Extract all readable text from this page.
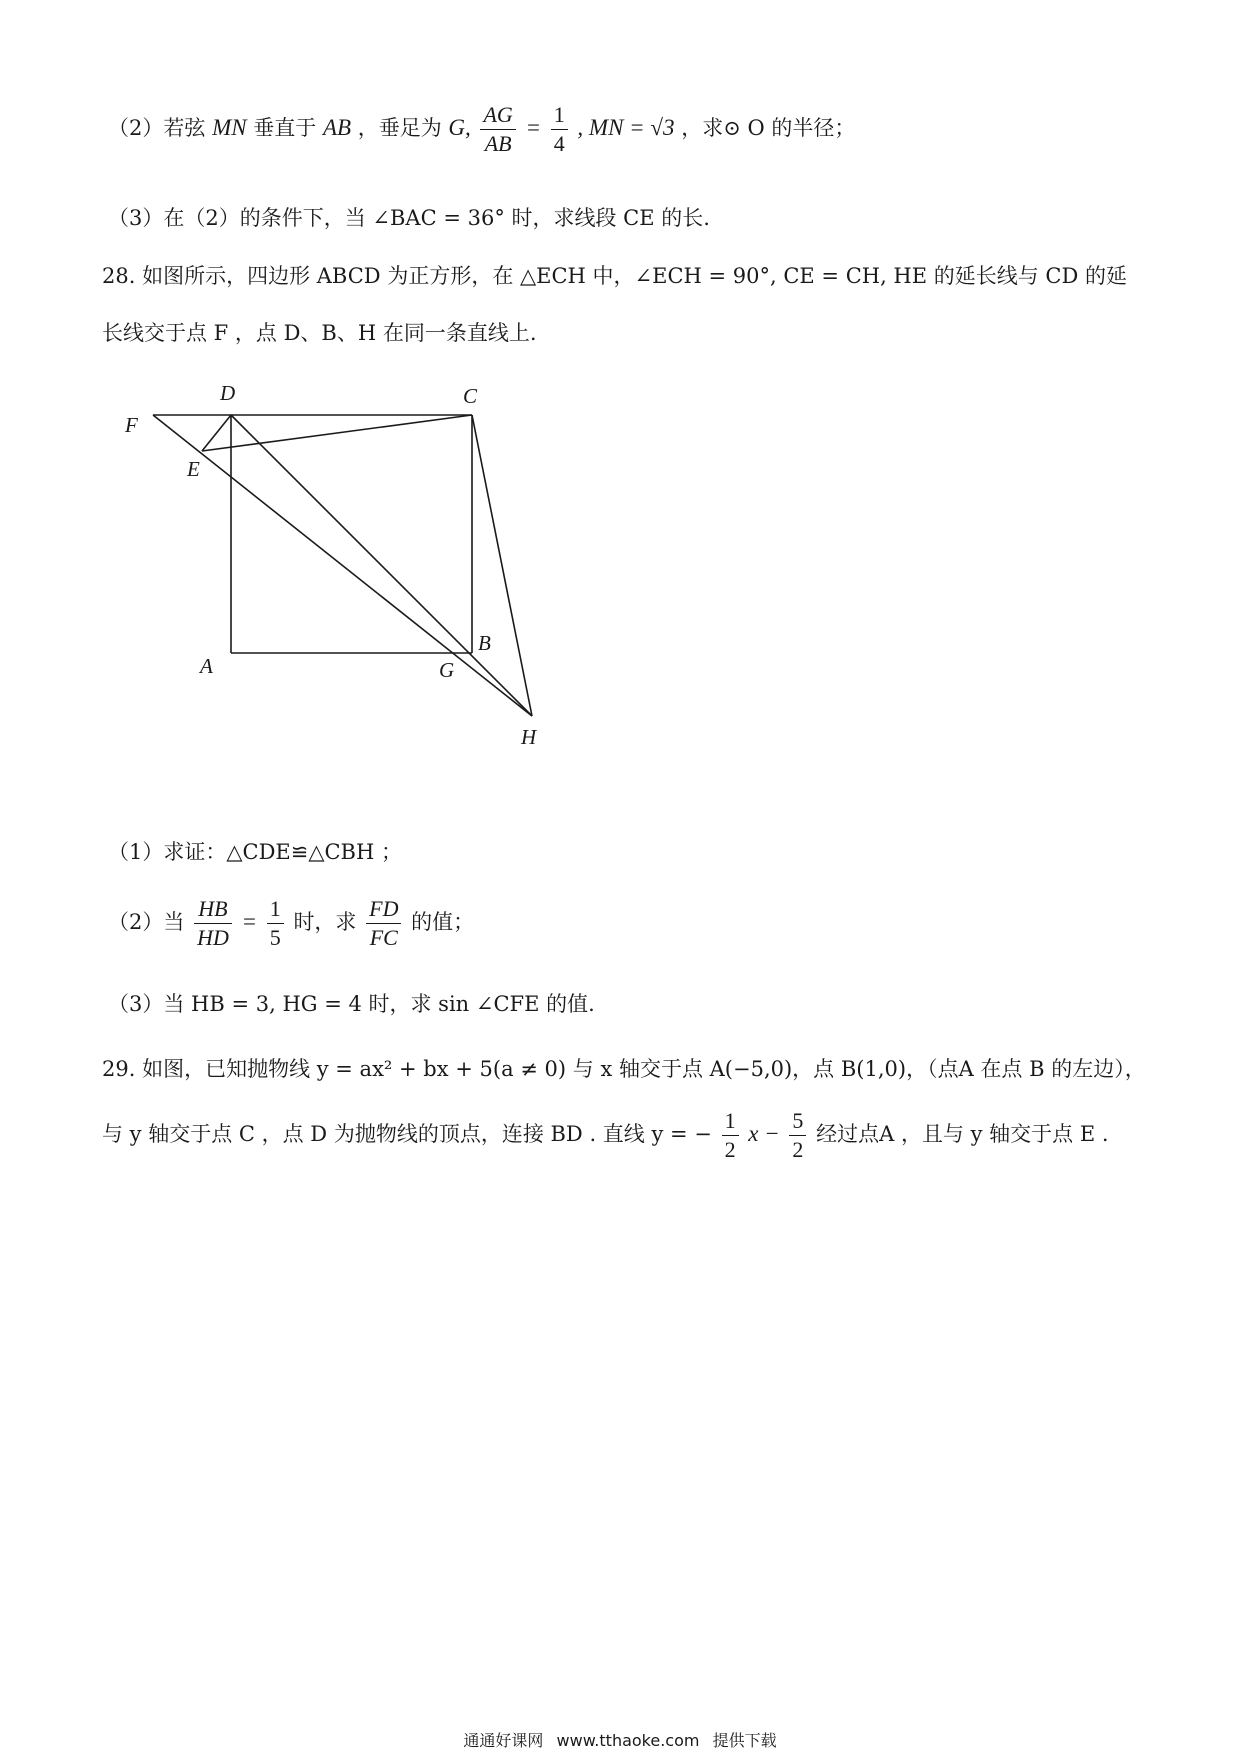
（2）若弦 MN 垂直于 AB ，垂足为 G, $\frac{AG}{AB} = \frac{1}{4}$ , MN = √3 ，求⊙ O 的半径；
（3）在（2）的条件下，当 ∠BAC = 36° 时，求线段 CE 的长.
28. 如图所示，四边形 ABCD 为正方形，在 △ECH 中，∠ECH = 90°, CE = CH, HE 的延长线与 CD 的延
长线交于点 F ，点 D、B、H 在同一条直线上.
F
D	C
E
A	G
B
H
（1）求证：△CDE≌△CBH ；
（2）当 $\frac{HB}{HD} = \frac{1}{5}$ 时，求 $\frac{FD}{FC}$ 的值；
（3）当 HB = 3, HG = 4 时，求 sin ∠CFE 的值.
29. 如图，已知抛物线 y = ax² + bx + 5(a ≠ 0) 与 x 轴交于点 A(−5,0)，点 B(1,0)，（点A 在点 B 的左边），
与 y 轴交于点 C ，点 D 为抛物线的顶点，连接 BD . 直线 y = − $\frac{1}{2}$ $x - \frac{5}{2}$ 经过点A ，且与 y 轴交于点 E .
通通好课网 www.tthaoke.com 提供下载
